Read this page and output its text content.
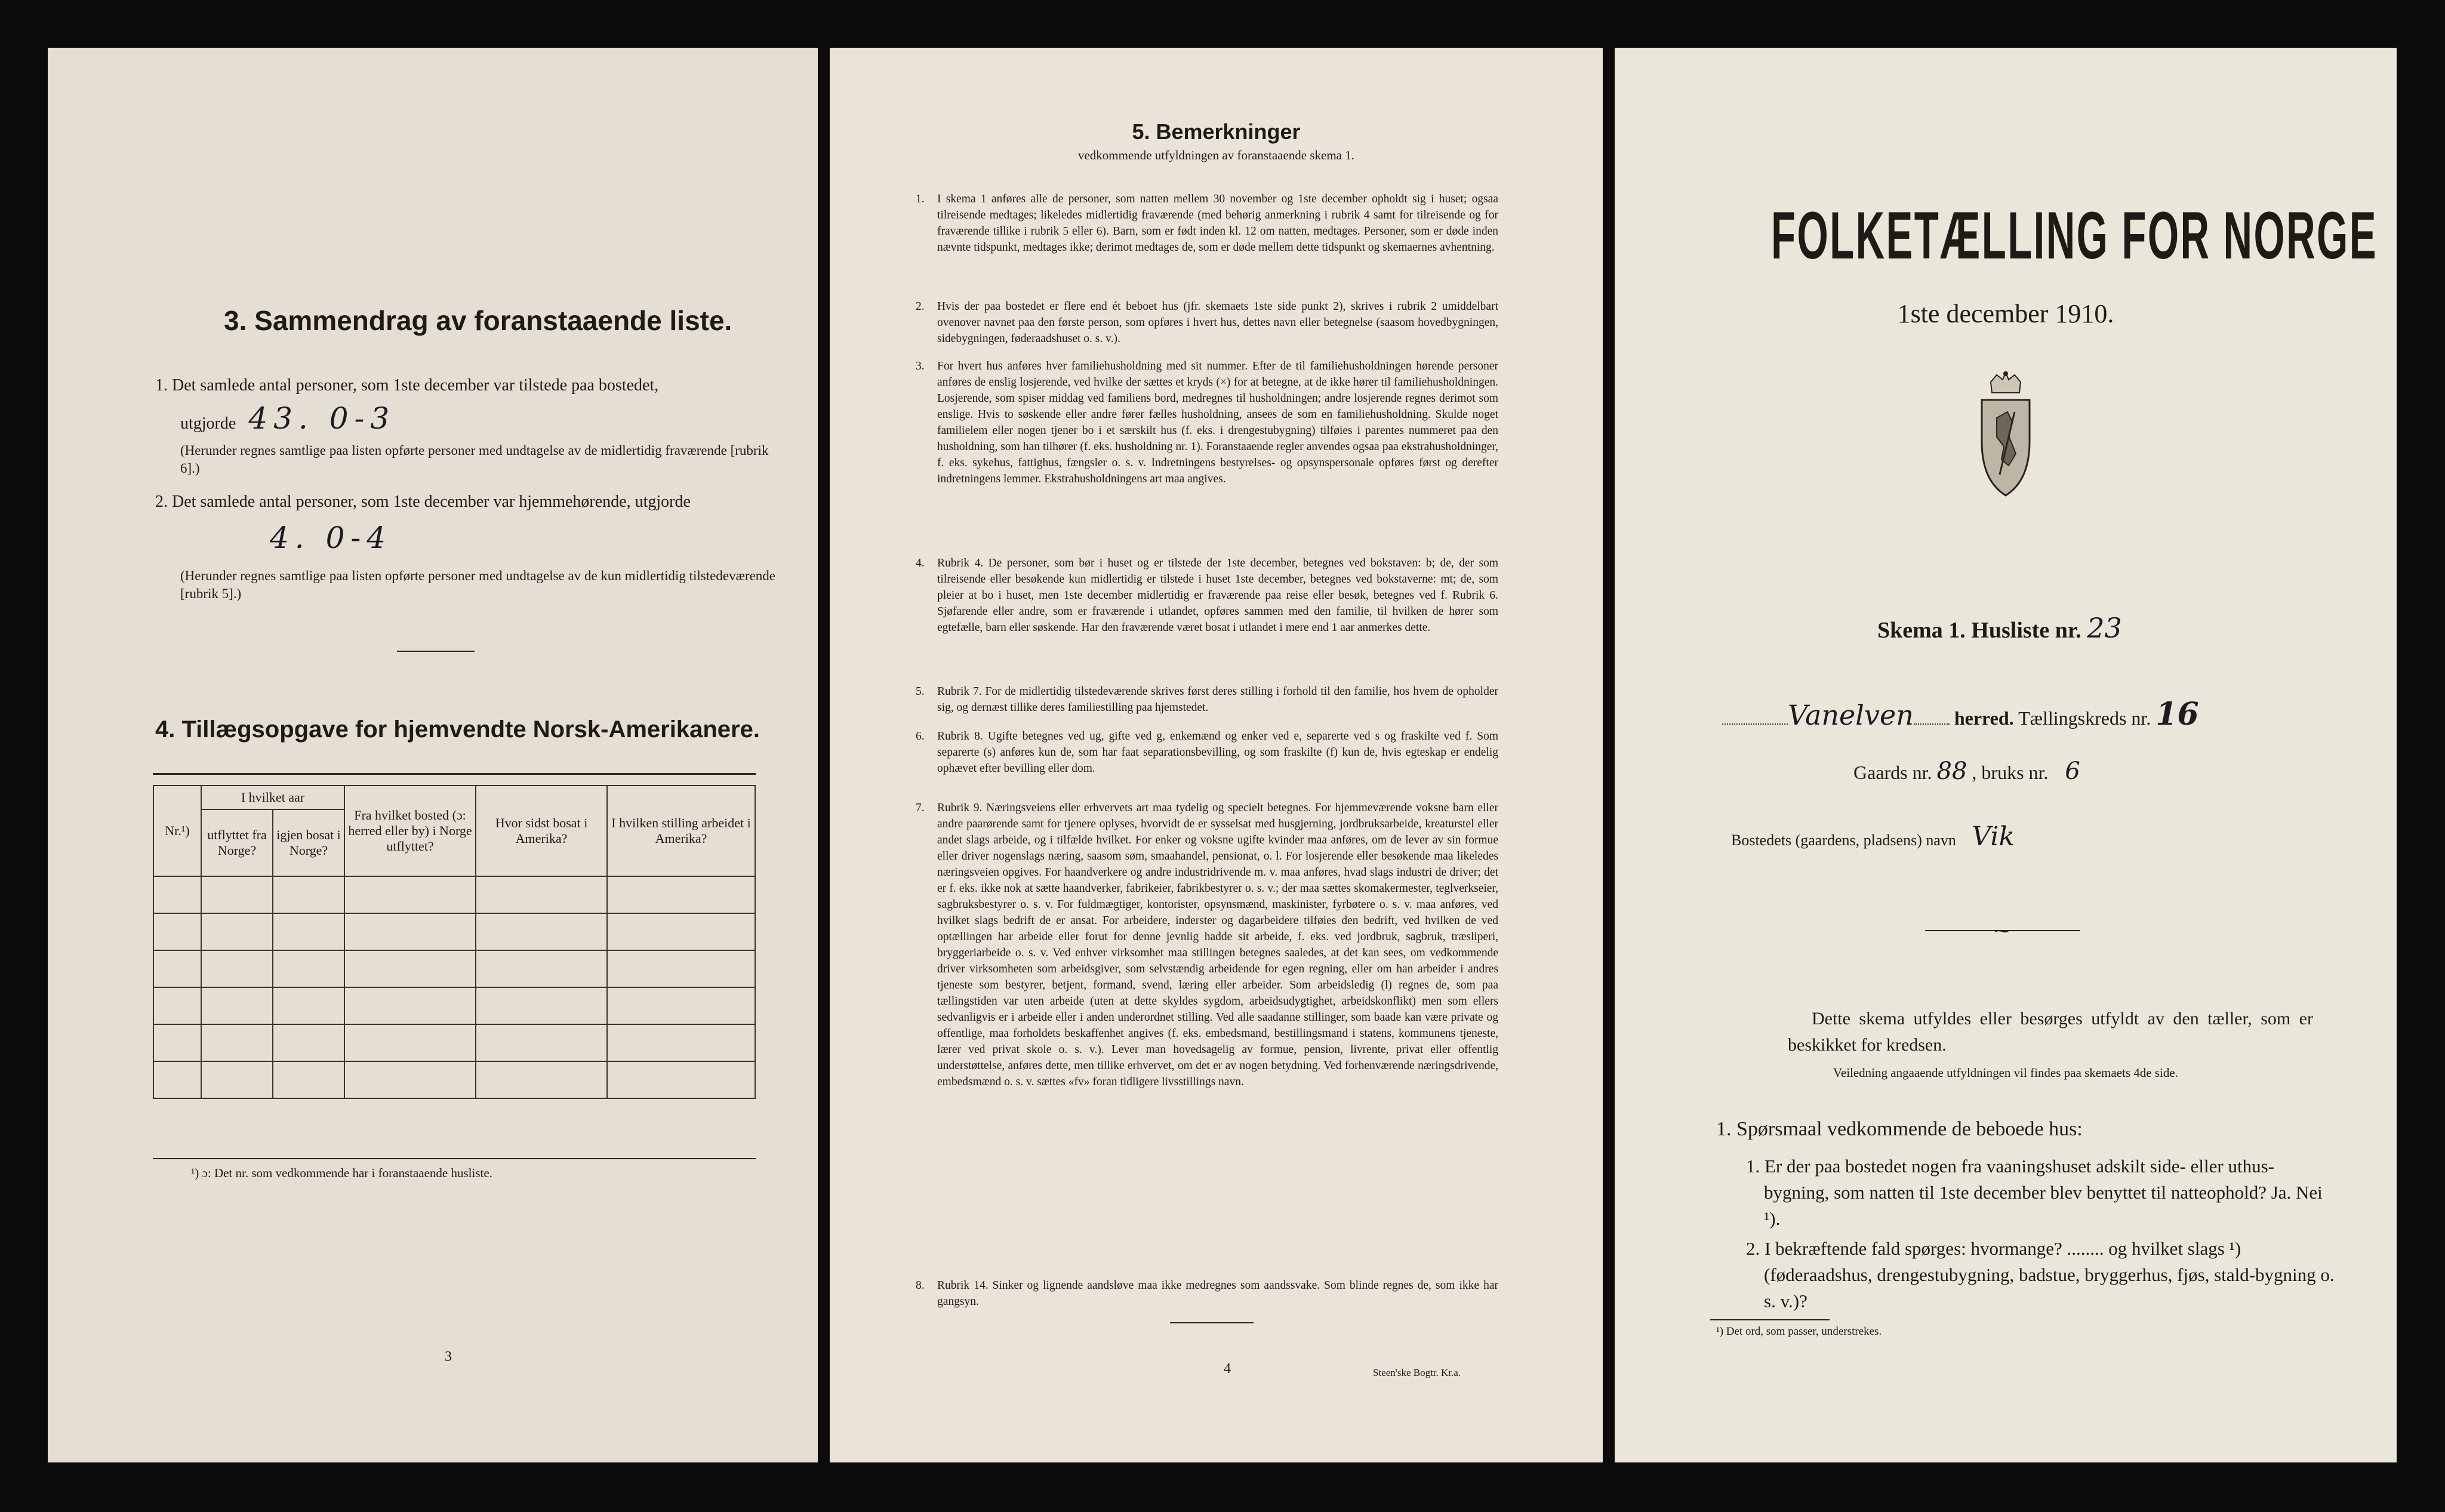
3. Sammendrag av foranstaaende liste.
1. Det samlede antal personer, som 1ste december var tilstede paa bostedet,
utgjorde 43. 0-3
(Herunder regnes samtlige paa listen opførte personer med undtagelse av de midlertidig fraværende [rubrik 6].)
2. Det samlede antal personer, som 1ste december var hjemmehørende, utgjorde
4. 0-4
(Herunder regnes samtlige paa listen opførte personer med undtagelse av de kun midlertidig tilstedeværende [rubrik 5].)
4. Tillægsopgave for hjemvendte Norsk-Amerikanere.
Nr.¹)	I hvilket aar		Fra hvilket bosted (ɔ: herred eller by) i Norge utflyttet?	Hvor sidst bosat i Amerika?	I hvilken stilling arbeidet i Amerika?
	utflyttet fra Norge?	igjen bosat i Norge?			

¹) ɔ: Det nr. som vedkommende har i foranstaaende husliste.
3
5. Bemerkninger
vedkommende utfyldningen av foranstaaende skema 1.
1. I skema 1 anføres alle de personer, som natten mellem 30 november og 1ste december opholdt sig i huset; ogsaa tilreisende medtages; likeledes midlertidig fraværende (med behørig anmerkning i rubrik 4 samt for tilreisende og for fraværende tillike i rubrik 5 eller 6). Barn, som er født inden kl. 12 om natten, medtages. Personer, som er døde inden nævnte tidspunkt, medtages ikke; derimot medtages de, som er døde mellem dette tidspunkt og skemaernes avhentning.

2. Hvis der paa bostedet er flere end ét beboet hus (jfr. skemaets 1ste side punkt 2), skrives i rubrik 2 umiddelbart ovenover navnet paa den første person, som opføres i hvert hus, dettes navn eller betegnelse (saasom hovedbygningen, sidebygningen, føderaadshuset o. s. v.).

3. For hvert hus anføres hver familiehusholdning med sit nummer. Efter de til familiehusholdningen hørende personer anføres de enslig losjerende, ved hvilke der sættes et kryds (×) for at betegne, at de ikke hører til familiehusholdningen. Losjerende, som spiser middag ved familiens bord, medregnes til husholdningen; andre losjerende regnes derimot som enslige. Hvis to søskende eller andre fører fælles husholdning, ansees de som en familiehusholdning. Skulde noget familielem eller nogen tjener bo i et særskilt hus (f. eks. i drengestubygning) tilføies i parentes nummeret paa den husholdning, som han tilhører (f. eks. husholdning nr. 1). Foranstaaende regler anvendes ogsaa paa ekstrahusholdninger, f. eks. sykehus, fattighus, fængsler o. s. v. Indretningens bestyrelses- og opsynspersonale opføres først og derefter indretningens lemmer. Ekstrahusholdningens art maa angives.

4. Rubrik 4. De personer, som bør i huset og er tilstede der 1ste december, betegnes ved bokstaven: b; de, der som tilreisende eller besøkende kun midlertidig er tilstede i huset 1ste december, betegnes ved bokstaverne: mt; de, som pleier at bo i huset, men 1ste december midlertidig er fraværende paa reise eller besøk, betegnes ved f. Rubrik 6. Sjøfarende eller andre, som er fraværende i utlandet, opføres sammen med den familie, til hvilken de hører som egtefælle, barn eller søskende. Har den fraværende været bosat i utlandet i mere end 1 aar anmerkes dette.

5. Rubrik 7. For de midlertidig tilstedeværende skrives først deres stilling i forhold til den familie, hos hvem de opholder sig, og dernæst tillike deres familiestilling paa hjemstedet.

6. Rubrik 8. Ugifte betegnes ved ug, gifte ved g, enkemænd og enker ved e, separerte ved s og fraskilte ved f. Som separerte (s) anføres kun de, som har faat separationsbevilling, og som fraskilte (f) kun de, hvis egteskap er endelig ophævet efter bevilling eller dom.

7. Rubrik 9. Næringsveiens eller erhvervets art maa tydelig og specielt betegnes. For hjemmeværende voksne barn eller andre paarørende samt for tjenere oplyses, hvorvidt de er sysselsat med husgjerning, jordbruksarbeide, kreaturstel eller andet slags arbeide, og i tilfælde hvilket. For enker og voksne ugifte kvinder maa anføres, om de lever av sin formue eller driver nogenslags næring, saasom søm, smaahandel, pensionat, o. l. For losjerende eller besøkende maa likeledes næringsveien opgives. For haandverkere og andre industridrivende m. v. maa anføres, hvad slags industri de driver; det er f. eks. ikke nok at sætte haandverker, fabrikeier, fabrikbestyrer o. s. v.; der maa sættes skomakermester, teglverkseier, sagbruksbestyrer o. s. v. For fuldmægtiger, kontorister, opsynsmænd, maskinister, fyrbøtere o. s. v. maa anføres, ved hvilket slags bedrift de er ansat. For arbeidere, inderster og dagarbeidere tilføies den bedrift, ved hvilken de ved optællingen har arbeide eller forut for denne jevnlig hadde sit arbeide, f. eks. ved jordbruk, sagbruk, træsliperi, bryggeriarbeide o. s. v. Ved enhver virksomhet maa stillingen betegnes saaledes, at det kan sees, om vedkommende driver virksomheten som arbeidsgiver, som selvstændig arbeidende for egen regning, eller om han arbeider i andres tjeneste som bestyrer, betjent, formand, svend, læring eller arbeider. Som arbeidsledig (l) regnes de, som paa tællingstiden var uten arbeide (uten at dette skyldes sygdom, arbeidsudygtighet, arbeidskonflikt) men som ellers sedvanligvis er i arbeide eller i anden underordnet stilling. Ved alle saadanne stillinger, som baade kan være private og offentlige, maa forholdets beskaffenhet angives (f. eks. embedsmand, bestillingsmand i statens, kommunens tjeneste, lærer ved privat skole o. s. v.). Lever man hovedsagelig av formue, pension, livrente, privat eller offentlig understøttelse, anføres dette, men tillike erhvervet, om det er av nogen betydning. Ved forhenværende næringsdrivende, embedsmænd o. s. v. sættes «fv» foran tidligere livsstillings navn.

8. Rubrik 14. Sinker og lignende aandsløve maa ikke medregnes som aandssvake. Som blinde regnes de, som ikke har gangsyn.

4	Steen'ske Bogtr. Kr.a.
FOLKETÆLLING FOR NORGE
1ste december 1910.
Skema 1. Husliste nr. 23
Vanelven herred. Tællingskreds nr. 16
Gaards nr. 88 , bruks nr. 6
Bostedets (gaardens, pladsens) navn Vik
⁓
Dette skema utfyldes eller besørges utfyldt av den tæller, som er beskikket for kredsen.
Veiledning angaaende utfyldningen vil findes paa skemaets 4de side.
1. Spørsmaal vedkommende de beboede hus:
1. Er der paa bostedet nogen fra vaaningshuset adskilt side- eller uthus-bygning, som natten til 1ste december blev benyttet til natteophold? Ja. Nei ¹).
2. I bekræftende fald spørges: hvormange? ........ og hvilket slags ¹) (føderaadshus, drengestubygning, badstue, bryggerhus, fjøs, stald-bygning o. s. v.)?
¹) Det ord, som passer, understrekes.
